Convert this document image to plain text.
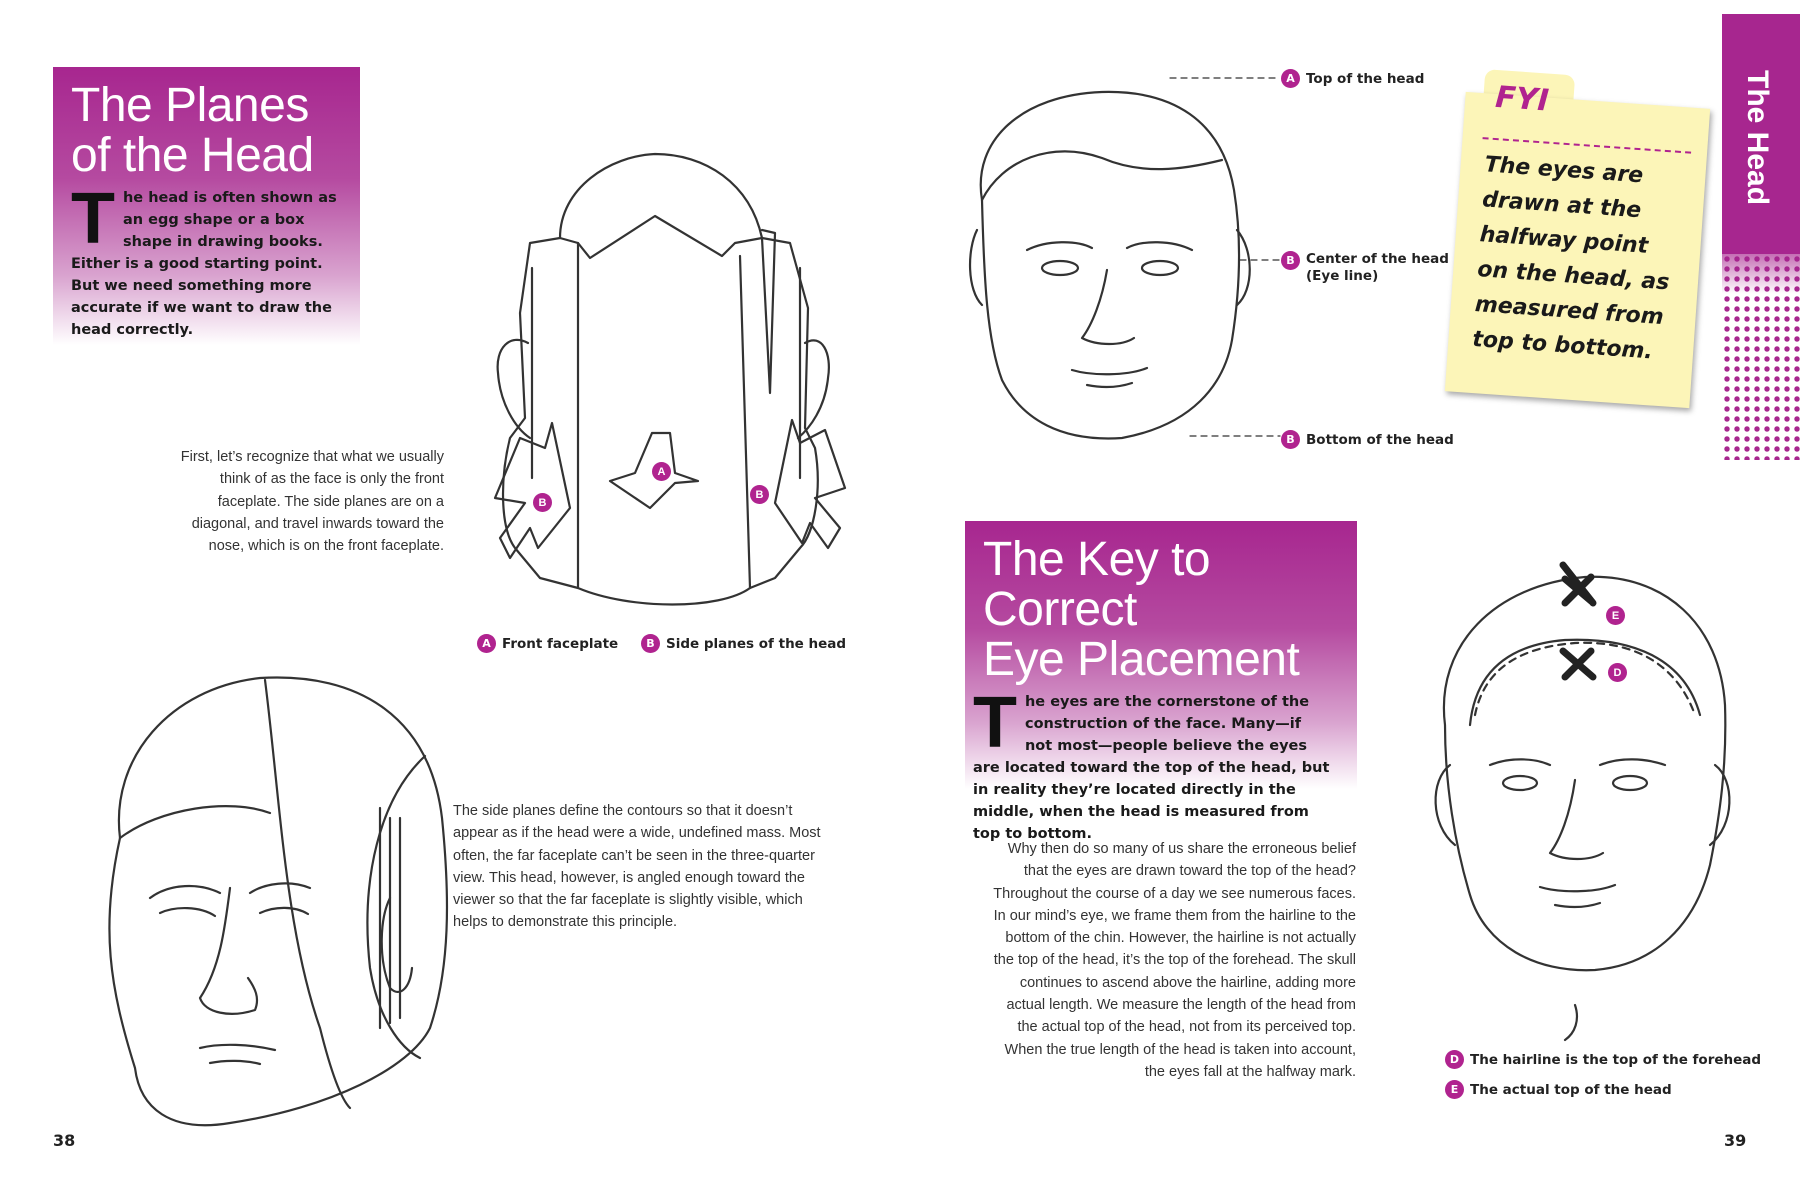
The Planes of the Head
T he head is often shown as an egg shape or a box shape in drawing books. Either is a good starting point. But we need something more accurate if we want to draw the head correctly.
A
B
B
First, let’s recognize that what we usually think of as the face is only the front faceplate. The side planes are on a diagonal, and travel inwards toward the nose, which is on the front faceplate.
A Front faceplate	B Side planes of the head
The side planes define the contours so that it doesn’t appear as if the head were a wide, undefined mass. Most often, the far faceplate can’t be seen in the three-quarter view. This head, however, is angled enough toward the viewer so that the far faceplate is slightly visible, which helps to demonstrate this principle.
38
A Top of the head
B Center of the head
(Eye line)
B Bottom of the head
FYI
The eyes are drawn at the halfway point on the head, as measured from top to bottom.
The Head
The Key to Correct
Eye Placement
T he eyes are the cornerstone of the construction of the face. Many—if not most—people believe the eyes are located toward the top of the head, but in reality they’re located directly in the middle, when the head is measured from top to bottom.
Why then do so many of us share the erroneous belief that the eyes are drawn toward the top of the head? Throughout the course of a day we see numerous faces. In our mind’s eye, we frame them from the hairline to the bottom of the chin. However, the hairline is not actually the top of the head, it’s the top of the forehead. The skull continues to ascend above the hairline, adding more actual length. We measure the length of the head from the actual top of the head, not from its perceived top. When the true length of the head is taken into account, the eyes fall at the halfway mark.
E
D
D The hairline is the top of the forehead
E The actual top of the head
39
